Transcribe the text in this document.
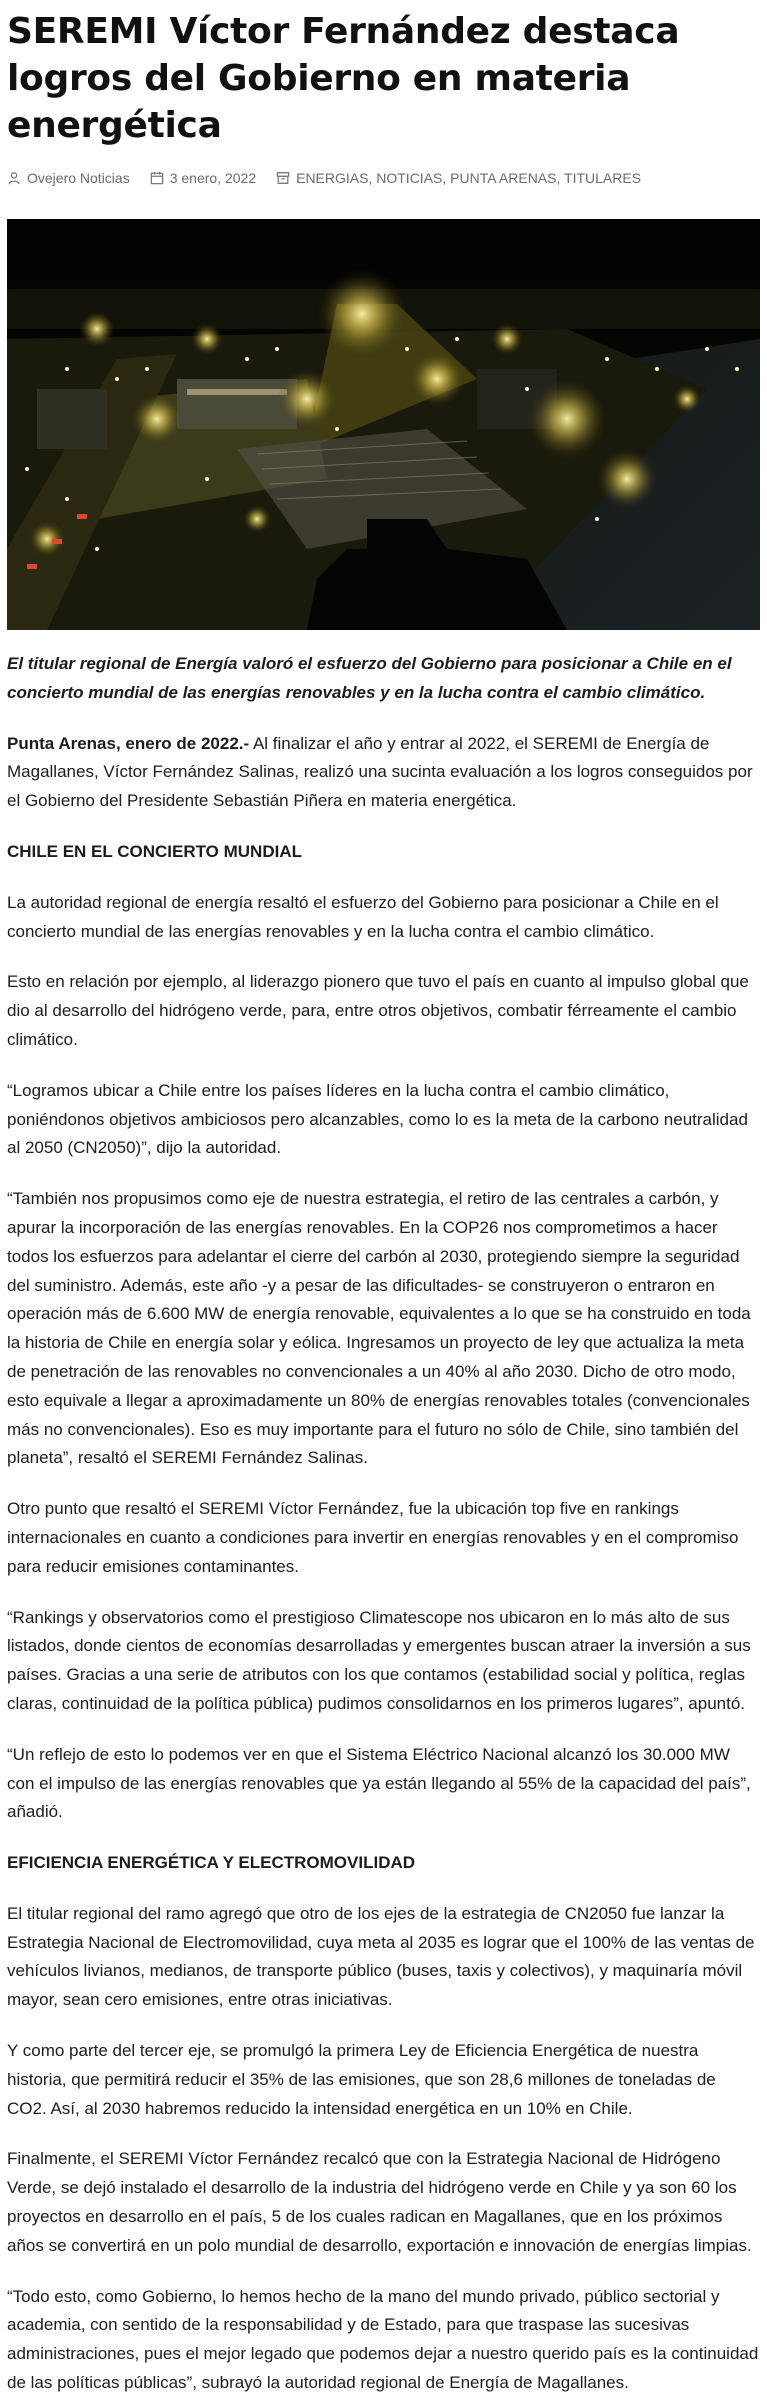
SEREMI Víctor Fernández destaca logros del Gobierno en materia energética
Ovejero Noticias	3 enero, 2022	ENERGIAS, NOTICIAS, PUNTA ARENAS, TITULARES

El titular regional de Energía valoró el esfuerzo del Gobierno para posicionar a Chile en el concierto mundial de las energías renovables y en la lucha contra el cambio climático.

Punta Arenas, enero de 2022.- Al finalizar el año y entrar al 2022, el SEREMI de Energía de Magallanes, Víctor Fernández Salinas, realizó una sucinta evaluación a los logros conseguidos por el Gobierno del Presidente Sebastián Piñera en materia energética.

CHILE EN EL CONCIERTO MUNDIAL

La autoridad regional de energía resaltó el esfuerzo del Gobierno para posicionar a Chile en el concierto mundial de las energías renovables y en la lucha contra el cambio climático.

Esto en relación por ejemplo, al liderazgo pionero que tuvo el país en cuanto al impulso global que dio al desarrollo del hidrógeno verde, para, entre otros objetivos, combatir férreamente el cambio climático.

“Logramos ubicar a Chile entre los países líderes en la lucha contra el cambio climático, poniéndonos objetivos ambiciosos pero alcanzables, como lo es la meta de la carbono neutralidad al 2050 (CN2050)”, dijo la autoridad.

“También nos propusimos como eje de nuestra estrategia, el retiro de las centrales a carbón, y apurar la incorporación de las energías renovables. En la COP26 nos comprometimos a hacer todos los esfuerzos para adelantar el cierre del carbón al 2030, protegiendo siempre la seguridad del suministro. Además, este año -y a pesar de las dificultades- se construyeron o entraron en operación más de 6.600 MW de energía renovable, equivalentes a lo que se ha construido en toda la historia de Chile en energía solar y eólica. Ingresamos un proyecto de ley que actualiza la meta de penetración de las renovables no convencionales a un 40% al año 2030. Dicho de otro modo, esto equivale a llegar a aproximadamente un 80% de energías renovables totales (convencionales más no convencionales). Eso es muy importante para el futuro no sólo de Chile, sino también del planeta”, resaltó el SEREMI Fernández Salinas.

Otro punto que resaltó el SEREMI Víctor Fernández, fue la ubicación top five en rankings internacionales en cuanto a condiciones para invertir en energías renovables y en el compromiso para reducir emisiones contaminantes.

“Rankings y observatorios como el prestigioso Climatescope nos ubicaron en lo más alto de sus listados, donde cientos de economías desarrolladas y emergentes buscan atraer la inversión a sus países. Gracias a una serie de atributos con los que contamos (estabilidad social y política, reglas claras, continuidad de la política pública) pudimos consolidarnos en los primeros lugares”, apuntó.

“Un reflejo de esto lo podemos ver en que el Sistema Eléctrico Nacional alcanzó los 30.000 MW con el impulso de las energías renovables que ya están llegando al 55% de la capacidad del país”, añadió.

EFICIENCIA ENERGÉTICA Y ELECTROMOVILIDAD

El titular regional del ramo agregó que otro de los ejes de la estrategia de CN2050 fue lanzar la Estrategia Nacional de Electromovilidad, cuya meta al 2035 es lograr que el 100% de las ventas de vehículos livianos, medianos, de transporte público (buses, taxis y colectivos), y maquinaría móvil mayor, sean cero emisiones, entre otras iniciativas.

Y como parte del tercer eje, se promulgó la primera Ley de Eficiencia Energética de nuestra historia, que permitirá reducir el 35% de las emisiones, que son 28,6 millones de toneladas de CO2. Así, al 2030 habremos reducido la intensidad energética en un 10% en Chile.

Finalmente, el SEREMI Víctor Fernández recalcó que con la Estrategia Nacional de Hidrógeno Verde, se dejó instalado el desarrollo de la industria del hidrógeno verde en Chile y ya son 60 los proyectos en desarrollo en el país, 5 de los cuales radican en Magallanes, que en los próximos años se convertirá en un polo mundial de desarrollo, exportación e innovación de energías limpias.

“Todo esto, como Gobierno, lo hemos hecho de la mano del mundo privado, público sectorial y academia, con sentido de la responsabilidad y de Estado, para que traspase las sucesivas administraciones, pues el mejor legado que podemos dejar a nuestro querido país es la continuidad de las políticas públicas”, subrayó la autoridad regional de Energía de Magallanes.
